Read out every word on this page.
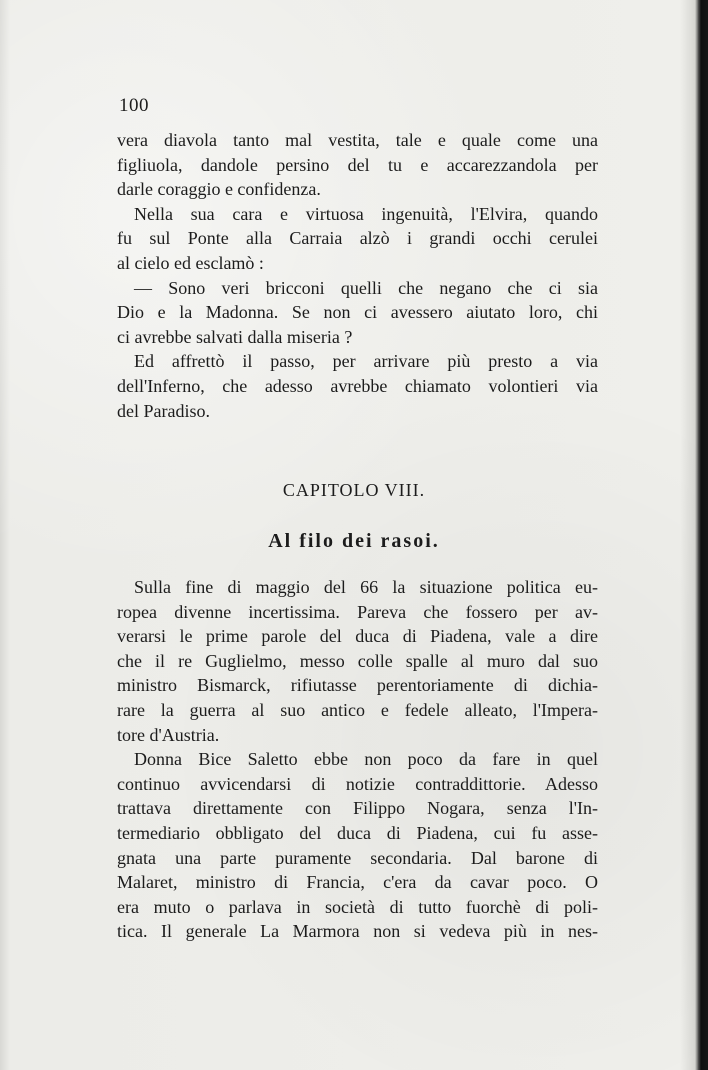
100
vera diavola tanto mal vestita, tale e quale come una
figliuola, dandole persino del tu e accarezzandola per
darle coraggio e confidenza.
Nella sua cara e virtuosa ingenuità, l'Elvira, quando
fu sul Ponte alla Carraia alzò i grandi occhi cerulei
al cielo ed esclamò :
— Sono veri bricconi quelli che negano che ci sia
Dio e la Madonna. Se non ci avessero aiutato loro, chi
ci avrebbe salvati dalla miseria ?
Ed affrettò il passo, per arrivare più presto a via
dell'Inferno, che adesso avrebbe chiamato volontieri via
del Paradiso.
CAPITOLO VIII.
Al filo dei rasoi.
Sulla fine di maggio del 66 la situazione politica eu-
ropea divenne incertissima. Pareva che fossero per av-
verarsi le prime parole del duca di Piadena, vale a dire
che il re Guglielmo, messo colle spalle al muro dal suo
ministro Bismarck, rifiutasse perentoriamente di dichia-
rare la guerra al suo antico e fedele alleato, l'Impera-
tore d'Austria.
Donna Bice Saletto ebbe non poco da fare in quel
continuo avvicendarsi di notizie contraddittorie. Adesso
trattava direttamente con Filippo Nogara, senza l'In-
termediario obbligato del duca di Piadena, cui fu asse-
gnata una parte puramente secondaria. Dal barone di
Malaret, ministro di Francia, c'era da cavar poco. O
era muto o parlava in società di tutto fuorchè di poli-
tica. Il generale La Marmora non si vedeva più in nes-
